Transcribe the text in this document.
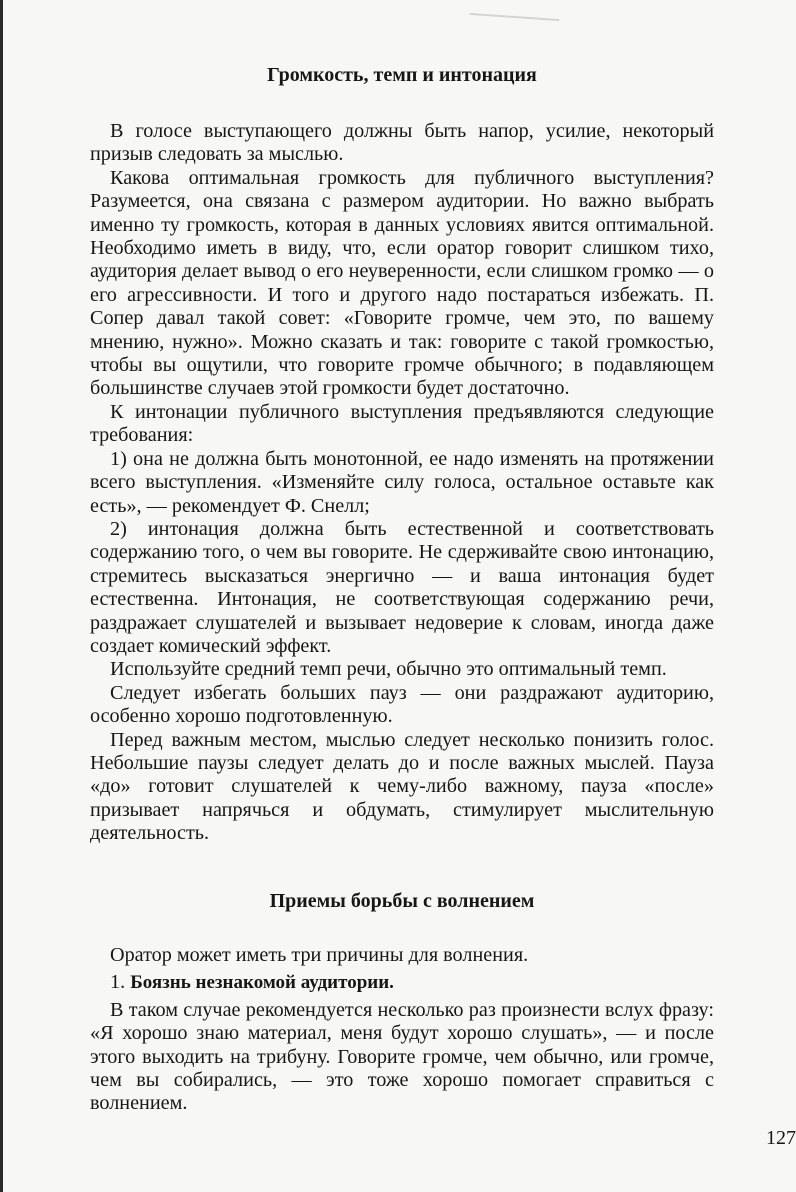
Громкость, темп и интонация

В голосе выступающего должны быть напор, усилие, некоторый призыв следовать за мыслью.

Какова оптимальная громкость для публичного выступления? Разумеется, она связана с размером аудитории. Но важно выбрать именно ту громкость, которая в данных условиях явится оптимальной. Необходимо иметь в виду, что, если оратор говорит слишком тихо, аудитория делает вывод о его неуверенности, если слишком громко — о его агрессивности. И того и другого надо постараться избежать. П. Сопер давал такой совет: «Говорите громче, чем это, по вашему мнению, нужно». Можно сказать и так: говорите с такой громкостью, чтобы вы ощутили, что говорите громче обычного; в подавляющем большинстве случаев этой громкости будет достаточно.

К интонации публичного выступления предъявляются следующие требования:

1) она не должна быть монотонной, ее надо изменять на протяжении всего выступления. «Изменяйте силу голоса, остальное оставьте как есть», — рекомендует Ф. Снелл;

2) интонация должна быть естественной и соответствовать содержанию того, о чем вы говорите. Не сдерживайте свою интонацию, стремитесь высказаться энергично — и ваша интонация будет естественна. Интонация, не соответствующая содержанию речи, раздражает слушателей и вызывает недоверие к словам, иногда даже создает комический эффект.

Используйте средний темп речи, обычно это оптимальный темп.

Следует избегать больших пауз — они раздражают аудиторию, особенно хорошо подготовленную.

Перед важным местом, мыслью следует несколько понизить голос. Небольшие паузы следует делать до и после важных мыслей. Пауза «до» готовит слушателей к чему-либо важному, пауза «после» призывает напрячься и обдумать, стимулирует мыслительную деятельность.

Приемы борьбы с волнением

Оратор может иметь три причины для волнения.

1. Боязнь незнакомой аудитории.

В таком случае рекомендуется несколько раз произнести вслух фразу: «Я хорошо знаю материал, меня будут хорошо слушать», — и после этого выходить на трибуну. Говорите громче, чем обычно, или громче, чем вы собирались, — это тоже хорошо помогает справиться с волнением.

127
